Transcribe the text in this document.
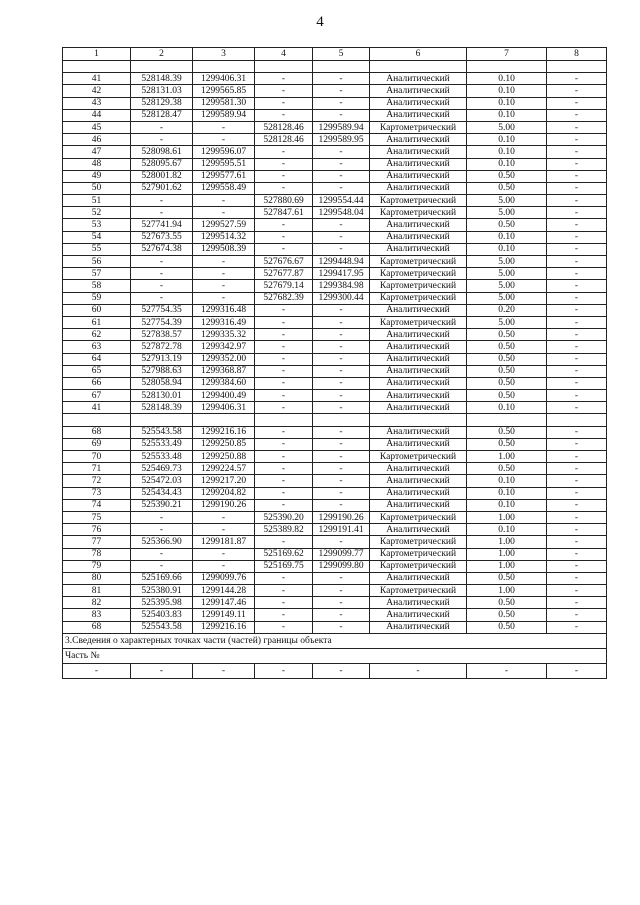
4
1	2	3	4	5	6	7	8

41	528148.39	1299406.31	-	-	Аналитический	0.10	-
42	528131.03	1299565.85	-	-	Аналитический	0.10	-
43	528129.38	1299581.30	-	-	Аналитический	0.10	-
44	528128.47	1299589.94	-	-	Аналитический	0.10	-
45	-	-	528128.46	1299589.94	Картометрический	5.00	-
46	-	-	528128.46	1299589.95	Аналитический	0.10	-
47	528098.61	1299596.07	-	-	Аналитический	0.10	-
48	528095.67	1299595.51	-	-	Аналитический	0.10	-
49	528001.82	1299577.61	-	-	Аналитический	0.50	-
50	527901.62	1299558.49	-	-	Аналитический	0.50	-
51	-	-	527880.69	1299554.44	Картометрический	5.00	-
52	-	-	527847.61	1299548.04	Картометрический	5.00	-
53	527741.94	1299527.59	-	-	Аналитический	0.50	-
54	527673.55	1299514.32	-	-	Аналитический	0.10	-
55	527674.38	1299508.39	-	-	Аналитический	0.10	-
56	-	-	527676.67	1299448.94	Картометрический	5.00	-
57	-	-	527677.87	1299417.95	Картометрический	5.00	-
58	-	-	527679.14	1299384.98	Картометрический	5.00	-
59	-	-	527682.39	1299300.44	Картометрический	5.00	-
60	527754.35	1299316.48	-	-	Аналитический	0.20	-
61	527754.39	1299316.49	-	-	Картометрический	5.00	-
62	527838.57	1299335.32	-	-	Аналитический	0.50	-
63	527872.78	1299342.97	-	-	Аналитический	0.50	-
64	527913.19	1299352.00	-	-	Аналитический	0.50	-
65	527988.63	1299368.87	-	-	Аналитический	0.50	-
66	528058.94	1299384.60	-	-	Аналитический	0.50	-
67	528130.01	1299400.49	-	-	Аналитический	0.50	-
41	528148.39	1299406.31	-	-	Аналитический	0.10	-

68	525543.58	1299216.16	-	-	Аналитический	0.50	-
69	525533.49	1299250.85	-	-	Аналитический	0.50	-
70	525533.48	1299250.88	-	-	Картометрический	1.00	-
71	525469.73	1299224.57	-	-	Аналитический	0.50	-
72	525472.03	1299217.20	-	-	Аналитический	0.10	-
73	525434.43	1299204.82	-	-	Аналитический	0.10	-
74	525390.21	1299190.26	-	-	Аналитический	0.10	-
75	-	-	525390.20	1299190.26	Картометрический	1.00	-
76	-	-	525389.82	1299191.41	Аналитический	0.10	-
77	525366.90	1299181.87	-	-	Картометрический	1.00	-
78	-	-	525169.62	1299099.77	Картометрический	1.00	-
79	-	-	525169.75	1299099.80	Картометрический	1.00	-
80	525169.66	1299099.76	-	-	Аналитический	0.50	-
81	525380.91	1299144.28	-	-	Картометрический	1.00	-
82	525395.98	1299147.46	-	-	Аналитический	0.50	-
83	525403.83	1299149.11	-	-	Аналитический	0.50	-
68	525543.58	1299216.16	-	-	Аналитический	0.50	-
3.Сведения о характерных точках части (частей) границы объекта							
Часть №							
-	-	-	-	-	-	-	-
